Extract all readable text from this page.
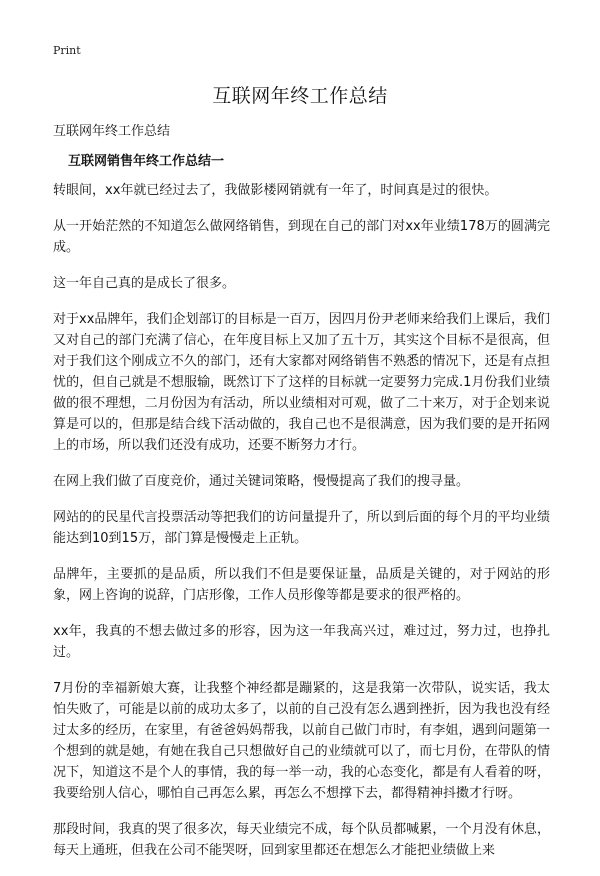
Print
互联网年终工作总结

互联网年终工作总结

互联网销售年终工作总结一

转眼间，xx年就已经过去了，我做影楼网销就有一年了，时间真是过的很快。

从一开始茫然的不知道怎么做网络销售，到现在自己的部门对xx年业绩178万的圆满完成。

这一年自己真的是成长了很多。

对于xx品牌年，我们企划部订的目标是一百万，因四月份尹老师来给我们上课后，我们又对自己的部门充满了信心，在年度目标上又加了五十万，其实这个目标不是很高，但对于我们这个刚成立不久的部门，还有大家都对网络销售不熟悉的情况下，还是有点担忧的，但自己就是不想服输，既然订下了这样的目标就一定要努力完成.1月份我们业绩做的很不理想，二月份因为有活动，所以业绩相对可观，做了二十来万，对于企划来说算是可以的，但那是结合线下活动做的，我自己也不是很满意，因为我们要的是开拓网上的市场，所以我们还没有成功，还要不断努力才行。

在网上我们做了百度竞价，通过关键词策略，慢慢提高了我们的搜寻量。

网站的的民星代言投票活动等把我们的访问量提升了，所以到后面的每个月的平均业绩能达到10到15万，部门算是慢慢走上正轨。

品牌年，主要抓的是品质，所以我们不但是要保证量，品质是关键的，对于网站的形象，网上咨询的说辞，门店形像，工作人员形像等都是要求的很严格的。

xx年，我真的不想去做过多的形容，因为这一年我高兴过，难过过，努力过，也挣扎过。

7月份的幸福新娘大赛，让我整个神经都是蹦紧的，这是我第一次带队，说实话，我太怕失败了，可能是以前的成功太多了，以前的自己没有怎么遇到挫折，因为我也没有经过太多的经历，在家里，有爸爸妈妈帮我，以前自己做门市时，有李姐，遇到问题第一个想到的就是她，有她在我自己只想做好自己的业绩就可以了，而七月份，在带队的情况下，知道这不是个人的事情，我的每一举一动，我的心态变化，都是有人看着的呀，我要给别人信心，哪怕自己再怎么累，再怎么不想撑下去，都得精神抖擞才行呀。

那段时间，我真的哭了很多次，每天业绩完不成，每个队员都喊累，一个月没有休息，每天上通班，但我在公司不能哭呀，回到家里都还在想怎么才能把业绩做上来
